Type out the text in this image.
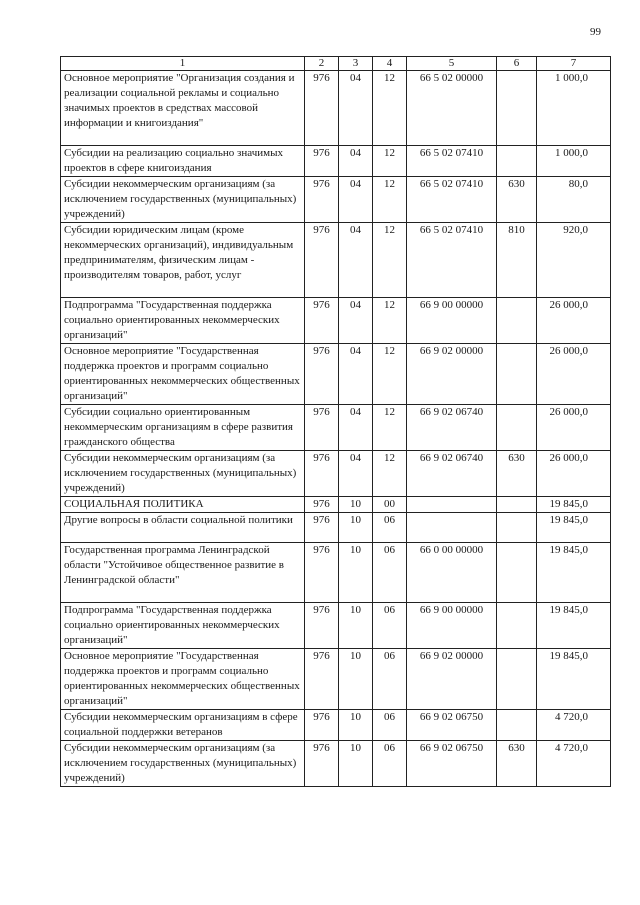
99
1	2	3	4	5	6	7
Основное мероприятие "Организация создания и реализации социальной рекламы и социально значимых проектов в средствах массовой информации и книгоиздания"	976	04	12	66 5 02 00000		1 000,0
Субсидии на реализацию социально значимых проектов в сфере книгоиздания	976	04	12	66 5 02 07410		1 000,0
Субсидии некоммерческим организациям (за исключением государственных (муниципальных) учреждений)	976	04	12	66 5 02 07410	630	80,0
Субсидии юридическим лицам (кроме некоммерческих организаций), индивидуальным предпринимателям, физическим лицам - производителям товаров, работ, услуг	976	04	12	66 5 02 07410	810	920,0
Подпрограмма "Государственная поддержка социально ориентированных некоммерческих организаций"	976	04	12	66 9 00 00000		26 000,0
Основное мероприятие "Государственная поддержка проектов и программ социально ориентированных некоммерческих общественных организаций"	976	04	12	66 9 02 00000		26 000,0
Субсидии социально ориентированным некоммерческим организациям в сфере развития гражданского общества	976	04	12	66 9 02 06740		26 000,0
Субсидии некоммерческим организациям (за исключением государственных (муниципальных) учреждений)	976	04	12	66 9 02 06740	630	26 000,0
СОЦИАЛЬНАЯ ПОЛИТИКА	976	10	00			19 845,0
Другие вопросы в области социальной политики	976	10	06			19 845,0
Государственная программа Ленинградской области "Устойчивое общественное развитие в Ленинградской области"	976	10	06	66 0 00 00000		19 845,0
Подпрограмма "Государственная поддержка социально ориентированных некоммерческих организаций"	976	10	06	66 9 00 00000		19 845,0
Основное мероприятие "Государственная поддержка проектов и программ социально ориентированных некоммерческих общественных организаций"	976	10	06	66 9 02 00000		19 845,0
Субсидии некоммерческим организациям в сфере социальной поддержки ветеранов	976	10	06	66 9 02 06750		4 720,0
Субсидии некоммерческим организациям (за исключением государственных (муниципальных) учреждений)	976	10	06	66 9 02 06750	630	4 720,0
